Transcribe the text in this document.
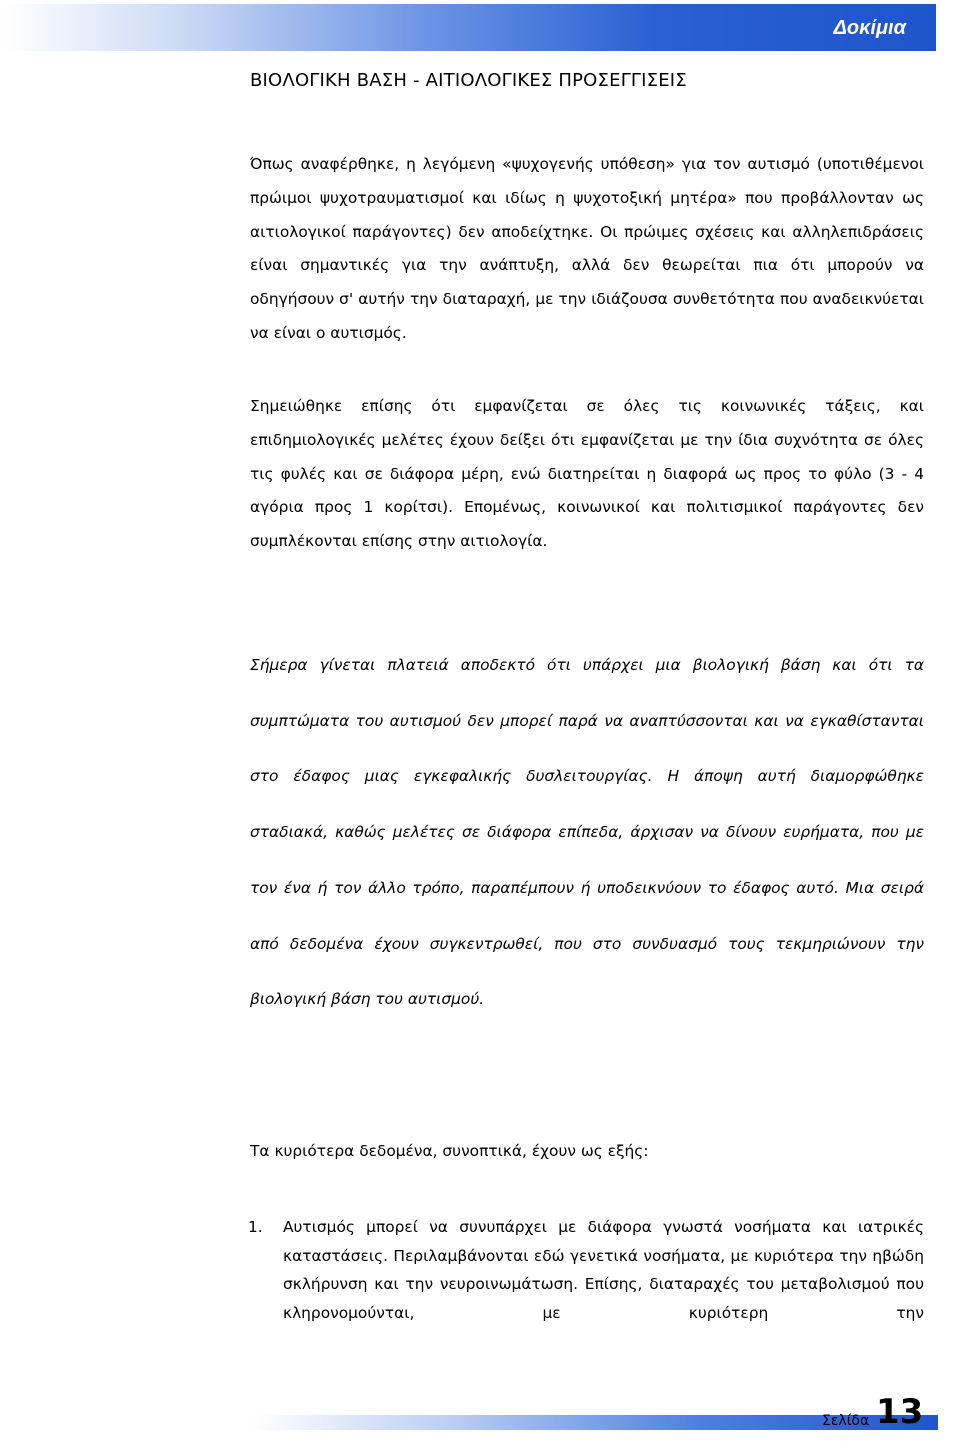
Δοκίμια
ΒΙΟΛΟΓΙΚΗ ΒΑΣΗ - ΑΙΤΙΟΛΟΓΙΚΕΣ ΠΡΟΣΕΓΓΙΣΕΙΣ
Όπως αναφέρθηκε, η λεγόμενη «ψυχογενής υπόθεση» για τον αυτισμό (υποτιθέμενοι πρώιμοι ψυχοτραυματισμοί και ιδίως η ψυχοτοξική μητέρα» που προβάλλονταν ως αιτιολογικοί παράγοντες) δεν αποδείχτηκε. Οι πρώιμες σχέσεις και αλληλεπιδράσεις είναι σημαντικές για την ανάπτυξη, αλλά δεν θεωρείται πια ότι μπορούν να οδηγήσουν σ' αυτήν την διαταραχή, με την ιδιάζουσα συνθετότητα που αναδεικνύεται να είναι ο αυτισμός.
Σημειώθηκε επίσης ότι εμφανίζεται σε όλες τις κοινωνικές τάξεις, και επιδημιολογικές μελέτες έχουν δείξει ότι εμφανίζεται με την ίδια συχνότητα σε όλες τις φυλές και σε διάφορα μέρη, ενώ διατηρείται η διαφορά ως προς το φύλο (3 - 4 αγόρια προς 1 κορίτσι). Επομένως, κοινωνικοί και πολιτισμικοί παράγοντες δεν συμπλέκονται επίσης στην αιτιολογία.
Σήμερα γίνεται πλατειά αποδεκτό ότι υπάρχει μια βιολογική βάση και ότι τα συμπτώματα του αυτισμού δεν μπορεί παρά να αναπτύσσονται και να εγκαθίστανται στο έδαφος μιας εγκεφαλικής δυσλειτουργίας. Η άποψη αυτή διαμορφώθηκε σταδιακά, καθώς μελέτες σε διάφορα επίπεδα, άρχισαν να δίνουν ευρήματα, που με τον ένα ή τον άλλο τρόπο, παραπέμπουν ή υποδεικνύουν το έδαφος αυτό. Μια σειρά από δεδομένα έχουν συγκεντρωθεί, που στο συνδυασμό τους τεκμηριώνουν την βιολογική βάση του αυτισμού.
Τα κυριότερα δεδομένα, συνοπτικά, έχουν ως εξής:
1. Αυτισμός μπορεί να συνυπάρχει με διάφορα γνωστά νοσήματα και ιατρικές καταστάσεις. Περιλαμβάνονται εδώ γενετικά νοσήματα, με κυριότερα την ηβώδη σκλήρυνση και την νευροινωμάτωση. Επίσης, διαταραχές του μεταβολισμού που κληρονομούνται, με κυριότερη την
Σελίδα 13
